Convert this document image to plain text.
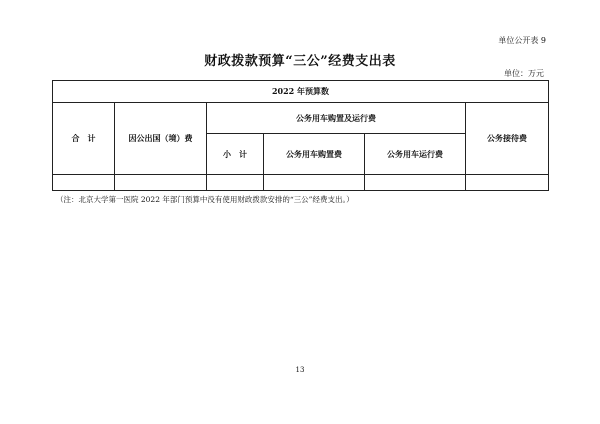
单位公开表 9
财政拨款预算“三公”经费支出表
单位：万元
2022 年预算数					
合　计	因公出国（境）费	公务用车购置及运行费			公务接待费
		小　计	公务用车购置费	公务用车运行费	

（注：北京大学第一医院 2022 年部门预算中没有使用财政拨款安排的“三公”经费支出。）
13
